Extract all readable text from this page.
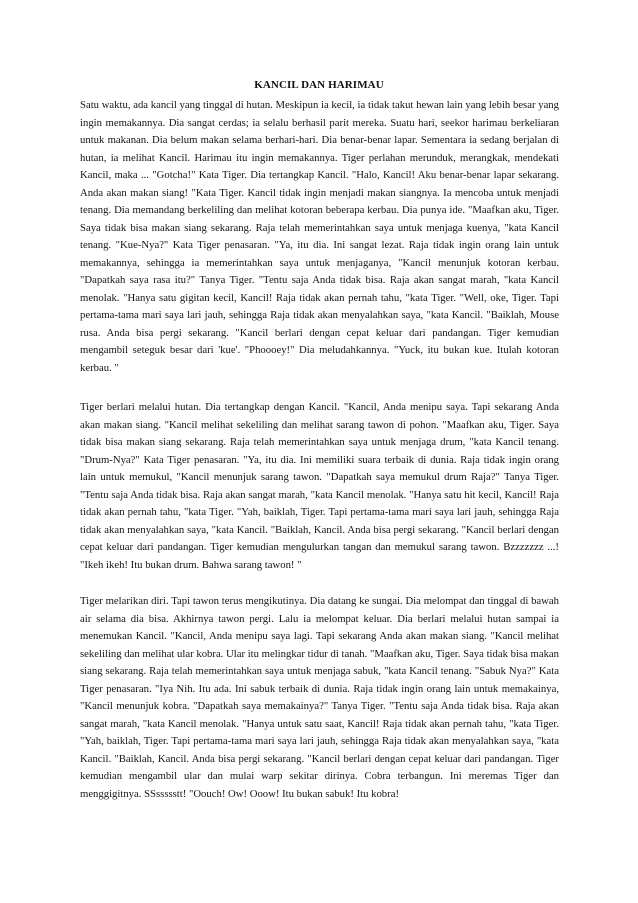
KANCIL DAN HARIMAU

Satu waktu, ada kancil yang tinggal di hutan. Meskipun ia kecil, ia tidak takut hewan lain yang lebih besar yang ingin memakannya. Dia sangat cerdas; ia selalu berhasil parit mereka. Suatu hari, seekor harimau berkeliaran untuk makanan. Dia belum makan selama berhari-hari. Dia benar-benar lapar. Sementara ia sedang berjalan di hutan, ia melihat Kancil. Harimau itu ingin memakannya. Tiger perlahan merunduk, merangkak, mendekati Kancil, maka ... "Gotcha!" Kata Tiger. Dia tertangkap Kancil. "Halo, Kancil! Aku benar-benar lapar sekarang. Anda akan makan siang! "Kata Tiger. Kancil tidak ingin menjadi makan siangnya. Ia mencoba untuk menjadi tenang. Dia memandang berkeliling dan melihat kotoran beberapa kerbau. Dia punya ide. "Maafkan aku, Tiger. Saya tidak bisa makan siang sekarang. Raja telah memerintahkan saya untuk menjaga kuenya, "kata Kancil tenang. "Kue-Nya?" Kata Tiger penasaran. "Ya, itu dia. Ini sangat lezat. Raja tidak ingin orang lain untuk memakannya, sehingga ia memerintahkan saya untuk menjaganya, "Kancil menunjuk kotoran kerbau. "Dapatkah saya rasa itu?" Tanya Tiger. "Tentu saja Anda tidak bisa. Raja akan sangat marah, "kata Kancil menolak. "Hanya satu gigitan kecil, Kancil! Raja tidak akan pernah tahu, "kata Tiger. "Well, oke, Tiger. Tapi pertama-tama mari saya lari jauh, sehingga Raja tidak akan menyalahkan saya, "kata Kancil. "Baiklah, Mouse rusa. Anda bisa pergi sekarang. "Kancil berlari dengan cepat keluar dari pandangan. Tiger kemudian mengambil seteguk besar dari 'kue'. "Phoooey!" Dia meludahkannya. "Yuck, itu bukan kue. Itulah kotoran kerbau. "

Tiger berlari melalui hutan. Dia tertangkap dengan Kancil. "Kancil, Anda menipu saya. Tapi sekarang Anda akan makan siang. "Kancil melihat sekeliling dan melihat sarang tawon di pohon. "Maafkan aku, Tiger. Saya tidak bisa makan siang sekarang. Raja telah memerintahkan saya untuk menjaga drum, "kata Kancil tenang. "Drum-Nya?" Kata Tiger penasaran. "Ya, itu dia. Ini memiliki suara terbaik di dunia. Raja tidak ingin orang lain untuk memukul, "Kancil menunjuk sarang tawon. "Dapatkah saya memukul drum Raja?" Tanya Tiger. "Tentu saja Anda tidak bisa. Raja akan sangat marah, "kata Kancil menolak. "Hanya satu hit kecil, Kancil! Raja tidak akan pernah tahu, "kata Tiger. "Yah, baiklah, Tiger. Tapi pertama-tama mari saya lari jauh, sehingga Raja tidak akan menyalahkan saya, "kata Kancil. "Baiklah, Kancil. Anda bisa pergi sekarang. "Kancil berlari dengan cepat keluar dari pandangan. Tiger kemudian mengulurkan tangan dan memukul sarang tawon. Bzzzzzzz ...! "Ikeh ikeh! Itu bukan drum. Bahwa sarang tawon! "

Tiger melarikan diri. Tapi tawon terus mengikutinya. Dia datang ke sungai. Dia melompat dan tinggal di bawah air selama dia bisa. Akhirnya tawon pergi. Lalu ia melompat keluar. Dia berlari melalui hutan sampai ia menemukan Kancil. "Kancil, Anda menipu saya lagi. Tapi sekarang Anda akan makan siang. "Kancil melihat sekeliling dan melihat ular kobra. Ular itu melingkar tidur di tanah. "Maafkan aku, Tiger. Saya tidak bisa makan siang sekarang. Raja telah memerintahkan saya untuk menjaga sabuk, "kata Kancil tenang. "Sabuk Nya?" Kata Tiger penasaran. "Iya Nih. Itu ada. Ini sabuk terbaik di dunia. Raja tidak ingin orang lain untuk memakainya, "Kancil menunjuk kobra. "Dapatkah saya memakainya?" Tanya Tiger. "Tentu saja Anda tidak bisa. Raja akan sangat marah, "kata Kancil menolak. "Hanya untuk satu saat, Kancil! Raja tidak akan pernah tahu, "kata Tiger. "Yah, baiklah, Tiger. Tapi pertama-tama mari saya lari jauh, sehingga Raja tidak akan menyalahkan saya, "kata Kancil. "Baiklah, Kancil. Anda bisa pergi sekarang. "Kancil berlari dengan cepat keluar dari pandangan. Tiger kemudian mengambil ular dan mulai warp sekitar dirinya. Cobra terbangun. Ini meremas Tiger dan menggigitnya. SSssssstt! "Oouch! Ow! Ooow! Itu bukan sabuk! Itu kobra!
